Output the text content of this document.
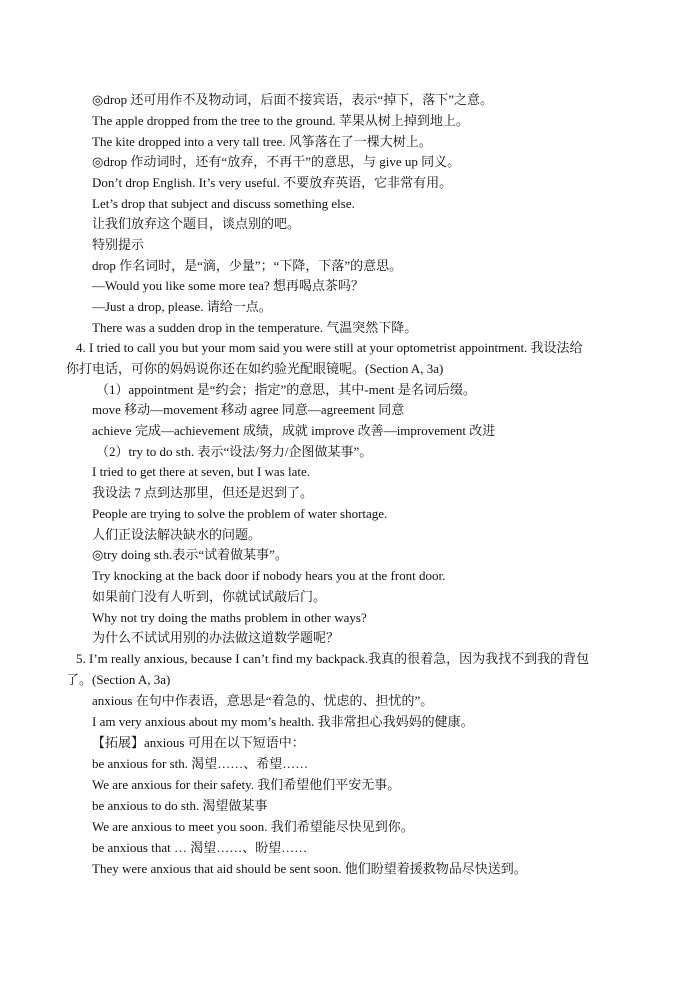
◎drop 还可用作不及物动词，后面不接宾语，表示“掉下，落下”之意。
The apple dropped from the tree to the ground. 苹果从树上掉到地上。
The kite dropped into a very tall tree. 风筝落在了一棵大树上。
◎drop 作动词时，还有“放弃，不再干”的意思，与 give up 同义。
Don’t drop English. It’s very useful. 不要放弃英语，它非常有用。
Let’s drop that subject and discuss something else.
让我们放弃这个题目，谈点别的吧。
特别提示
drop 作名词时，是“滴，少量”；“下降，下落”的意思。
—Would you like some more tea? 想再喝点茶吗？
—Just a drop, please. 请给一点。
There was a sudden drop in the temperature. 气温突然下降。
4. I tried to call you but your mom said you were still at your optometrist appointment. 我设法给
你打电话，可你的妈妈说你还在如约验光配眼镜呢。(Section A, 3a)
（1）appointment 是“约会；指定”的意思，其中-ment 是名词后缀。
move 移动—movement 移动 agree 同意—agreement 同意
achieve 完成—achievement 成绩，成就 improve 改善—improvement 改进
（2）try to do sth. 表示“设法/努力/企图做某事”。
I tried to get there at seven, but I was late.
我设法 7 点到达那里，但还是迟到了。
People are trying to solve the problem of water shortage.
人们正设法解决缺水的问题。
◎try doing sth.表示“试着做某事”。
Try knocking at the back door if nobody hears you at the front door.
如果前门没有人听到，你就试试敲后门。
Why not try doing the maths problem in other ways?
为什么不试试用别的办法做这道数学题呢？
5. I’m really anxious, because I can’t find my backpack.我真的很着急，因为我找不到我的背包
了。(Section A, 3a)
anxious 在句中作表语，意思是“着急的、忧虑的、担忧的”。
I am very anxious about my mom’s health. 我非常担心我妈妈的健康。
【拓展】anxious 可用在以下短语中：
be anxious for sth. 渴望……、希望……
We are anxious for their safety. 我们希望他们平安无事。
be anxious to do sth. 渴望做某事
We are anxious to meet you soon. 我们希望能尽快见到你。
be anxious that … 渴望……、盼望……
They were anxious that aid should be sent soon. 他们盼望着援救物品尽快送到。
